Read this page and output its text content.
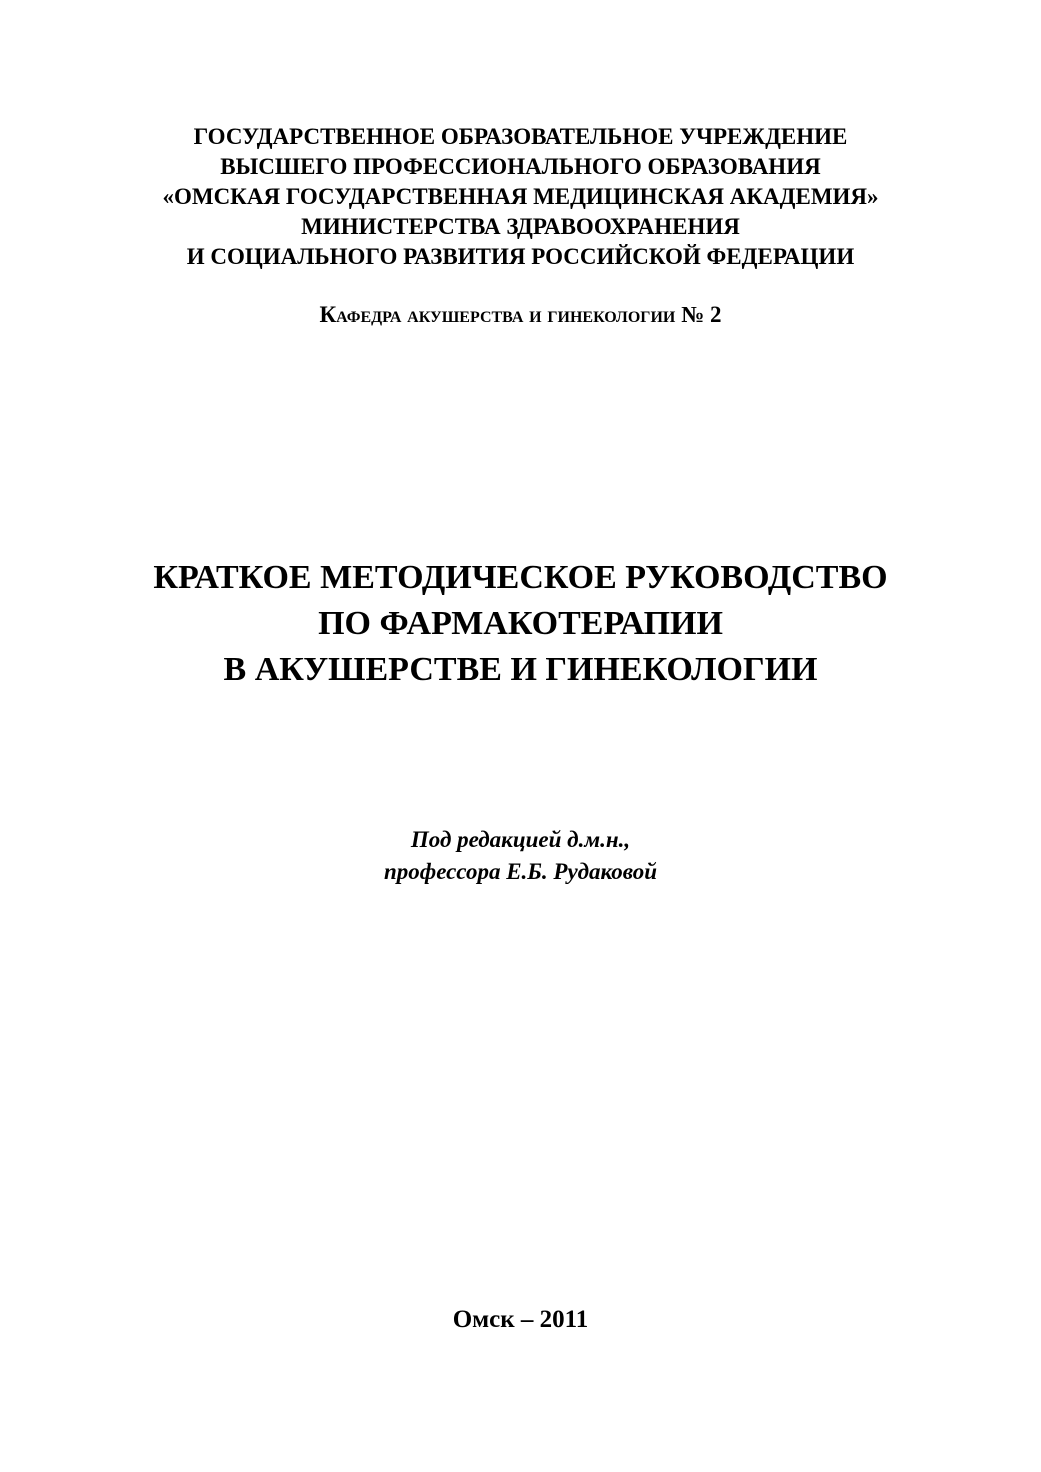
ГОСУДАРСТВЕННОЕ ОБРАЗОВАТЕЛЬНОЕ УЧРЕЖДЕНИЕ
ВЫСШЕГО ПРОФЕССИОНАЛЬНОГО ОБРАЗОВАНИЯ
«ОМСКАЯ ГОСУДАРСТВЕННАЯ МЕДИЦИНСКАЯ АКАДЕМИЯ»
МИНИСТЕРСТВА ЗДРАВООХРАНЕНИЯ
И СОЦИАЛЬНОГО РАЗВИТИЯ РОССИЙСКОЙ ФЕДЕРАЦИИ
Кафедра акушерства и гинекологии № 2
КРАТКОЕ МЕТОДИЧЕСКОЕ РУКОВОДСТВО
ПО ФАРМАКОТЕРАПИИ
В АКУШЕРСТВЕ И ГИНЕКОЛОГИИ
Под редакцией д.м.н.,
профессора Е.Б. Рудаковой
Омск – 2011
